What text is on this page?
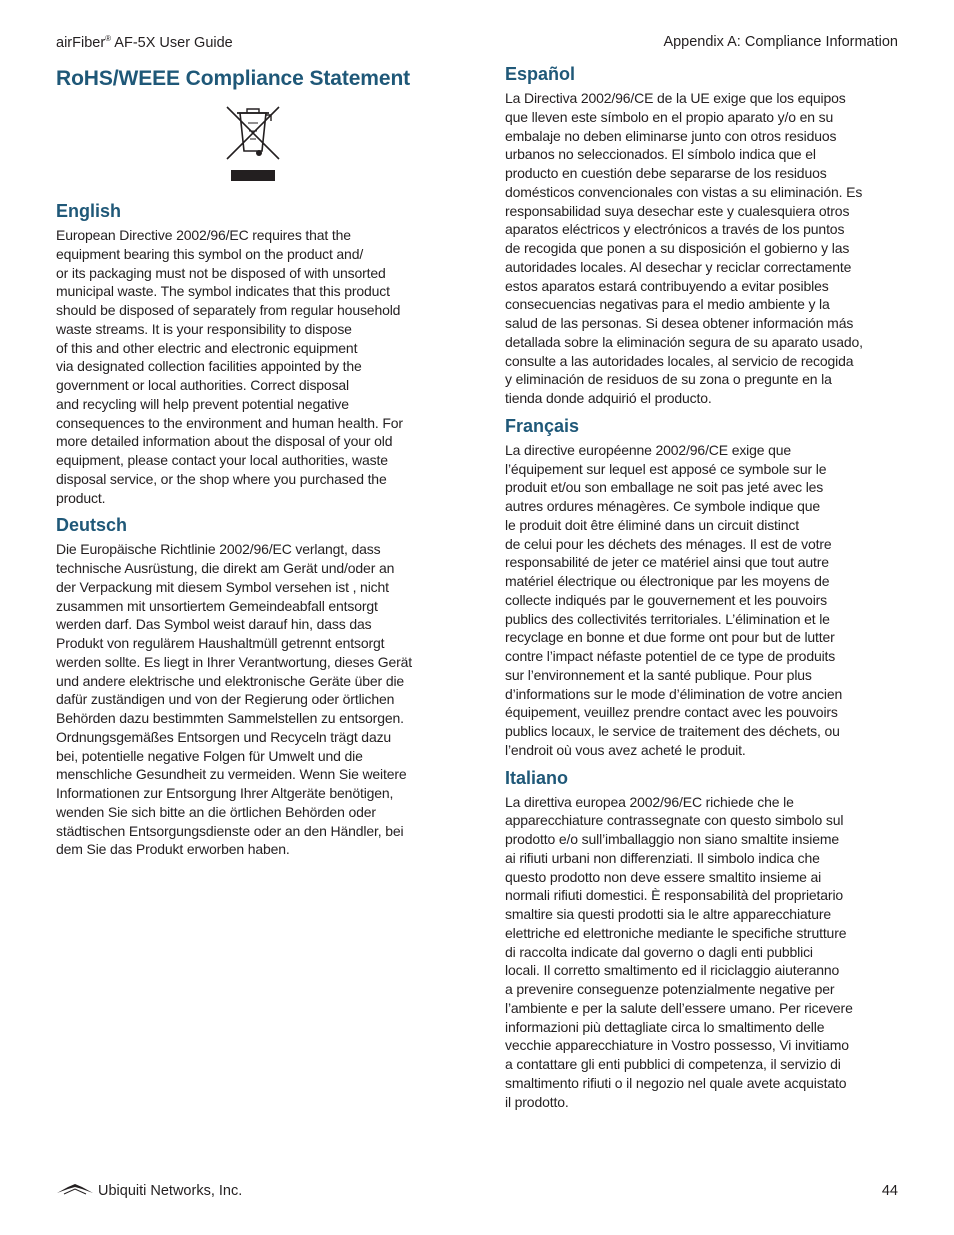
airFiber® AF-5X User Guide	Appendix A: Compliance Information
RoHS/WEEE Compliance Statement
English

European Directive 2002/96/EC requires that the
equipment bearing this symbol on the product and/
or its packaging must not be disposed of with unsorted
municipal waste. The symbol indicates that this product
should be disposed of separately from regular household
waste streams. It is your responsibility to dispose
of this and other electric and electronic equipment
via designated collection facilities appointed by the
government or local authorities. Correct disposal
and recycling will help prevent potential negative
consequences to the environment and human health. For
more detailed information about the disposal of your old
equipment, please contact your local authorities, waste
disposal service, or the shop where you purchased the
product.

Deutsch

Die Europäische Richtlinie 2002/96/EC verlangt, dass
technische Ausrüstung, die direkt am Gerät und/oder an
der Verpackung mit diesem Symbol versehen ist , nicht
zusammen mit unsortiertem Gemeindeabfall entsorgt
werden darf. Das Symbol weist darauf hin, dass das
Produkt von regulärem Haushaltmüll getrennt entsorgt
werden sollte. Es liegt in Ihrer Verantwortung, dieses Gerät
und andere elektrische und elektronische Geräte über die
dafür zuständigen und von der Regierung oder örtlichen
Behörden dazu bestimmten Sammelstellen zu entsorgen.
Ordnungsgemäßes Entsorgen und Recyceln trägt dazu
bei, potentielle negative Folgen für Umwelt und die
menschliche Gesundheit zu vermeiden. Wenn Sie weitere
Informationen zur Entsorgung Ihrer Altgeräte benötigen,
wenden Sie sich bitte an die örtlichen Behörden oder
städtischen Entsorgungsdienste oder an den Händler, bei
dem Sie das Produkt erworben haben.

Español

La Directiva 2002/96/CE de la UE exige que los equipos
que lleven este símbolo en el propio aparato y/o en su
embalaje no deben eliminarse junto con otros residuos
urbanos no seleccionados. El símbolo indica que el
producto en cuestión debe separarse de los residuos
domésticos convencionales con vistas a su eliminación. Es
responsabilidad suya desechar este y cualesquiera otros
aparatos eléctricos y electrónicos a través de los puntos
de recogida que ponen a su disposición el gobierno y las
autoridades locales. Al desechar y reciclar correctamente
estos aparatos estará contribuyendo a evitar posibles
consecuencias negativas para el medio ambiente y la
salud de las personas. Si desea obtener información más
detallada sobre la eliminación segura de su aparato usado,
consulte a las autoridades locales, al servicio de recogida
y eliminación de residuos de su zona o pregunte en la
tienda donde adquirió el producto.

Français

La directive européenne 2002/96/CE exige que
l’équipement sur lequel est apposé ce symbole sur le
produit et/ou son emballage ne soit pas jeté avec les
autres ordures ménagères. Ce symbole indique que
le produit doit être éliminé dans un circuit distinct
de celui pour les déchets des ménages. Il est de votre
responsabilité de jeter ce matériel ainsi que tout autre
matériel électrique ou électronique par les moyens de
collecte indiqués par le gouvernement et les pouvoirs
publics des collectivités territoriales. L’élimination et le
recyclage en bonne et due forme ont pour but de lutter
contre l’impact néfaste potentiel de ce type de produits
sur l’environnement et la santé publique. Pour plus
d’informations sur le mode d’élimination de votre ancien
équipement, veuillez prendre contact avec les pouvoirs
publics locaux, le service de traitement des déchets, ou
l’endroit où vous avez acheté le produit.

Italiano

La direttiva europea 2002/96/EC richiede che le
apparecchiature contrassegnate con questo simbolo sul
prodotto e/o sull’imballaggio non siano smaltite insieme
ai rifiuti urbani non differenziati. Il simbolo indica che
questo prodotto non deve essere smaltito insieme ai
normali rifiuti domestici. È responsabilità del proprietario
smaltire sia questi prodotti sia le altre apparecchiature
elettriche ed elettroniche mediante le specifiche strutture
di raccolta indicate dal governo o dagli enti pubblici
locali. Il corretto smaltimento ed il riciclaggio aiuteranno
a prevenire conseguenze potenzialmente negative per
l’ambiente e per la salute dell’essere umano. Per ricevere
informazioni più dettagliate circa lo smaltimento delle
vecchie apparecchiature in Vostro possesso, Vi invitiamo
a contattare gli enti pubblici di competenza, il servizio di
smaltimento rifiuti o il negozio nel quale avete acquistato
il prodotto.

Ubiquiti Networks, Inc.	44
